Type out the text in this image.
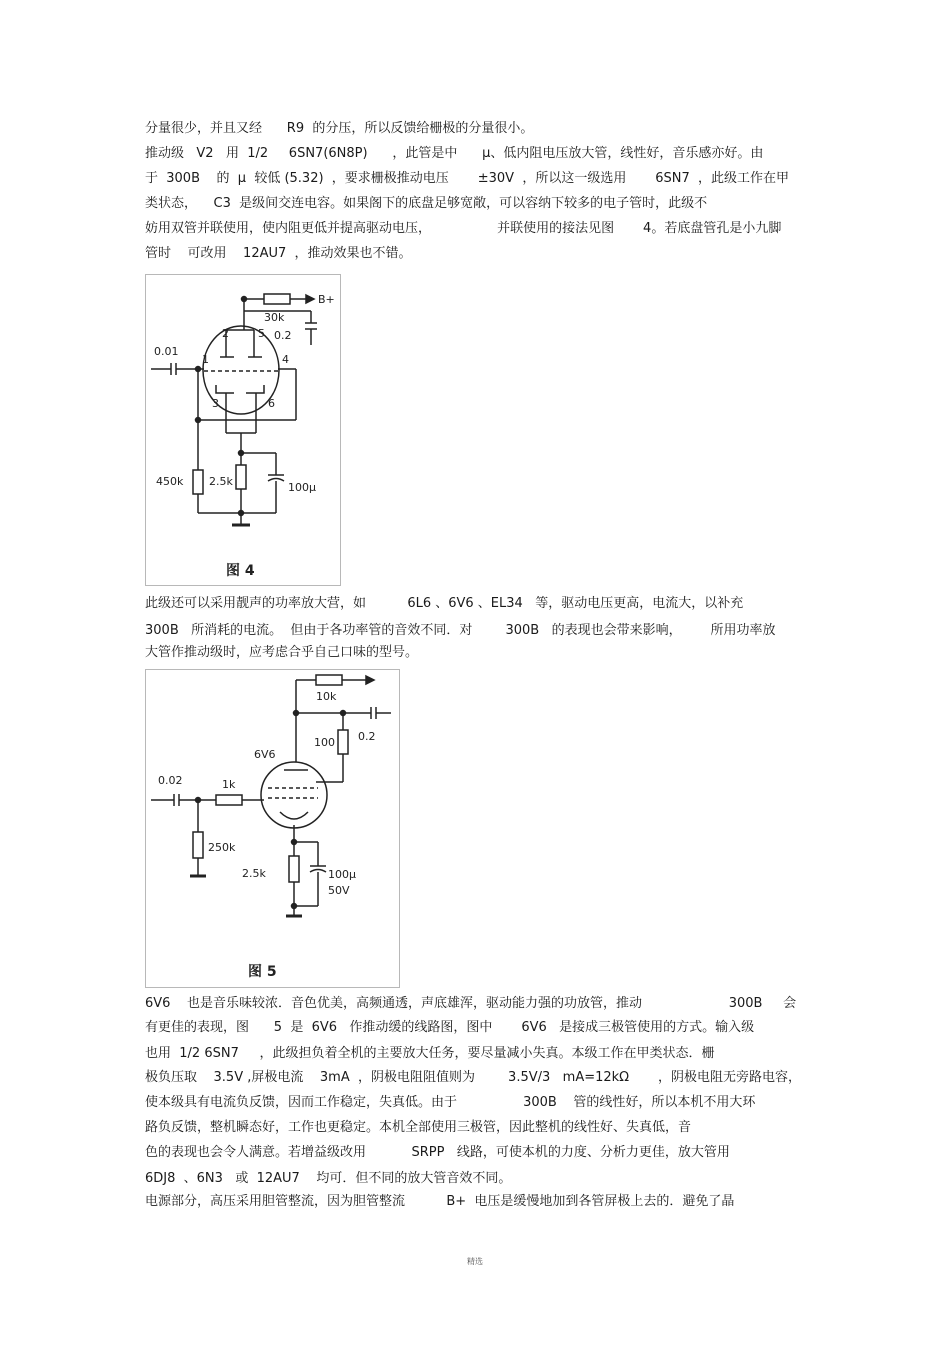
分量很少，并且又经      R9  的分压，所以反馈给栅极的分量很小。
推动级   V2   用  1/2     6SN7(6N8P)      ，此管是中      μ、低内阻电压放大管，线性好，音乐感亦好。由
于  300B    的  μ  较低 (5.32)  ，要求栅极推动电压       ±30V  ，所以这一级选用       6SN7  ，此级工作在甲
类状态，    C3  是级间交连电容。如果阁下的底盘足够宽敞，可以容纳下较多的电子管时，此级不
妨用双管并联使用，使内阻更低并提高驱动电压，                并联使用的接法见图       4。若底盘管孔是小九脚
管时    可改用    12AU7  ，推动效果也不错。
B+
30k
0.2
0.01
2	5
1	4
3	6
450k 2.5k	100μ
图 4
此级还可以采用靓声的功率放大营，如          6L6 、6V6 、EL34   等，驱动电压更高，电流大，以补充
300B   所消耗的电流。  但由于各功率管的音效不同．对        300B   的表现也会带来影响，       所用功率放
大管作推动级时，应考虑合乎自己口味的型号。
10k
100 0.2
6V6
0.02	1k
250k
2.5k	100μ
50V
图 5
6V6    也是音乐味较浓．音色优美，高频通透，声底雄浑，驱动能力强的功放管，推动                     300B     会
有更佳的表现，图      5  是  6V6   作推动缓的线路图，图中       6V6   是接成三极管使用的方式。输入级
也用  1/2 6SN7     ，此级担负着全机的主要放大任务，要尽量减小失真。本级工作在甲类状态．栅
极负压取    3.5V ,屏极电流    3mA  ，阴极电阻阻值则为        3.5V/3   mA=12kΩ       ，阴极电阻无旁路电容，
使本级具有电流负反馈，因而工作稳定，失真低。由于                300B    管的线性好，所以本机不用大环
路负反馈，整机瞬态好，工作也更稳定。本机全部使用三极管，因此整机的线性好、失真低，音
色的表现也会令人满意。若增益级改用           SRPP   线路，可使本机的力度、分析力更佳，放大管用
6DJ8  、6N3   或  12AU7    均可．但不同的放大管音效不同。
电源部分，高压采用胆管整流，因为胆管整流          B+  电压是缓慢地加到各管屏极上去的．避免了晶
精选
